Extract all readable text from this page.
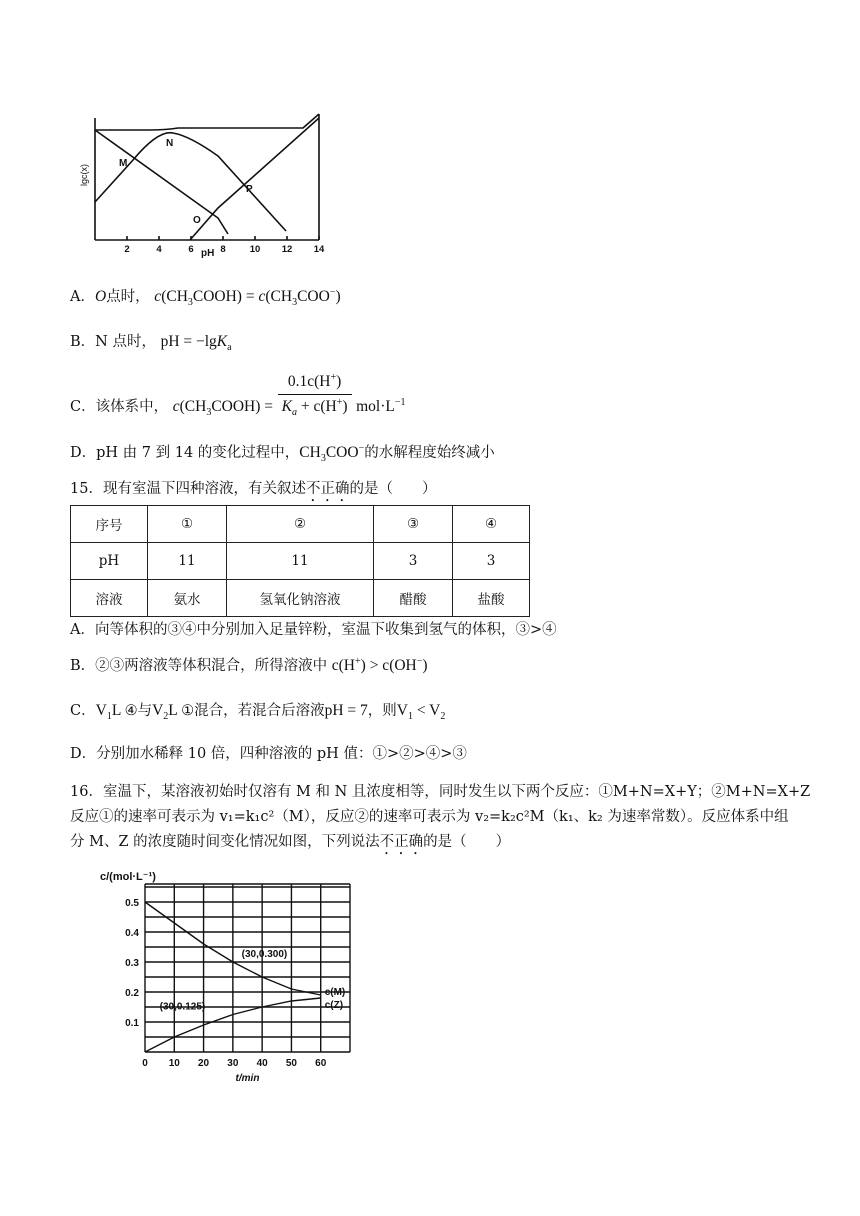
M
N
O
P
lgc(x)
pH
2	4	6	8	10 12 14
A．O点时， $c(CH_3COOH) = c(CH_3COO^-)$
B．N 点时， pH = −lgK$_a$
C．该体系中， $c(CH_3COOH) = \frac{0.1c(H^+)}{K_a + c(H^+)} mol\cdot L^{-1}$
D．pH 由 7 到 14 的变化过程中，$CH_3COO^-$的水解程度始终减小
15．现有室温下四种溶液，有关叙述不正确的是（　　）
序号	①	②	③	④
pH	11	11	3	3
溶液	氨水	氢氧化钠溶液	醋酸	盐酸
A．向等体积的③④中分别加入足量锌粉，室温下收集到氢气的体积，③>④
B．②③两溶液等体积混合，所得溶液中 c(H+) > c(OH−)
C．$V_1L$ ④与$V_2L$ ①混合，若混合后溶液pH = 7，则$V_1 < V_2$
D．分别加水稀释 10 倍，四种溶液的 pH 值：①>②>④>③
16．室温下，某溶液初始时仅溶有 M 和 N 且浓度相等，同时发生以下两个反应：①M+N=X+Y；②M+N=X+Z
反应①的速率可表示为 v₁=k₁c²（M），反应②的速率可表示为 v₂=k₂c²M（k₁、k₂ 为速率常数）。反应体系中组
分 M、Z 的浓度随时间变化情况如图，下列说法不正确的是（　　）
0 10 20 30 40 50 60
0.1
0.2
0.3
0.4
0.5
c/(mol·L⁻¹)
t/min
c(M)
c(Z)
(30,0.300)
(30,0.125)
